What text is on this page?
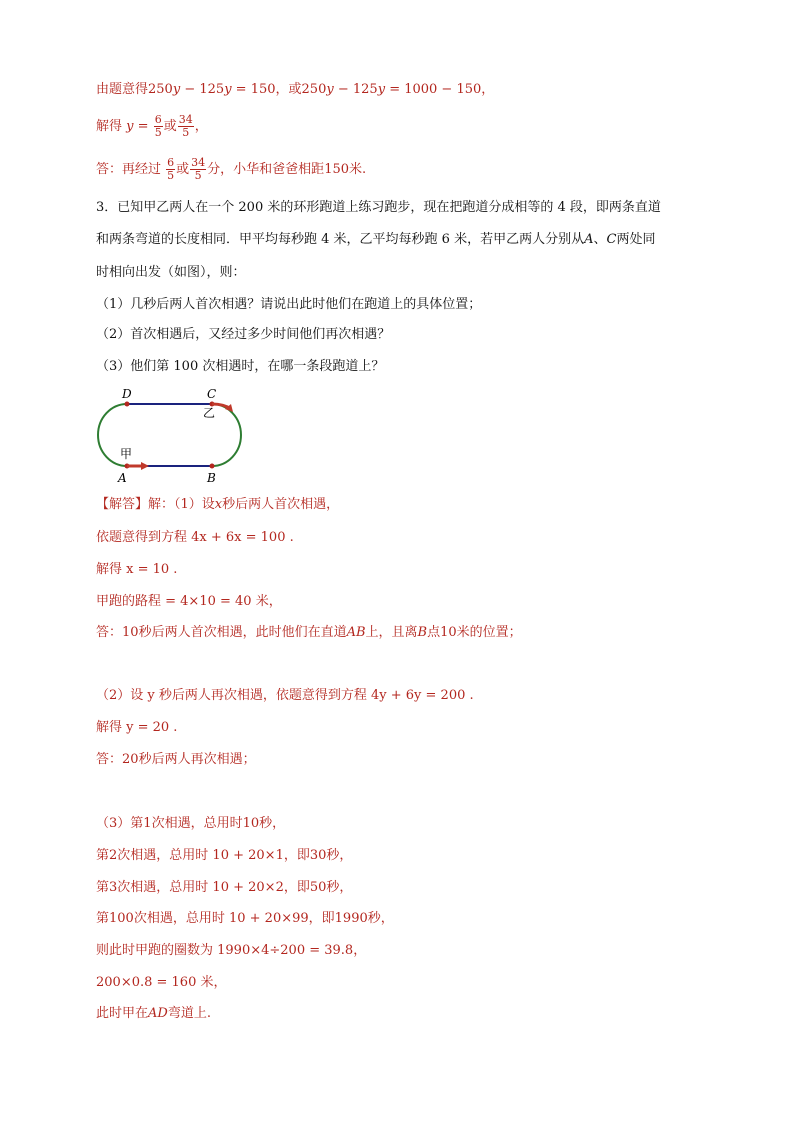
由题意得250y − 125y = 150，或250y − 125y = 1000 − 150，
解得 $y = \frac{6}{5}$ 或 $\frac{34}{5}$ ，
答：再经过 $\frac{6}{5}$ 或 $\frac{34}{5}$ 分，小华和爸爸相距150米.
3．已知甲乙两人在一个 200 米的环形跑道上练习跑步，现在把跑道分成相等的 4 段，即两条直道
和两条弯道的长度相同．甲平均每秒跑 4 米，乙平均每秒跑 6 米，若甲乙两人分别从A、C两处同
时相向出发（如图），则：
（1）几秒后两人首次相遇？请说出此时他们在跑道上的具体位置；
（2）首次相遇后，又经过多少时间他们再次相遇？
（3）他们第 100 次相遇时，在哪一条段跑道上？
D	C
乙
甲
A	B
【解答】解：（1）设x秒后两人首次相遇，
依题意得到方程 4x + 6x = 100 .
解得 x = 10 .
甲跑的路程 = 4×10 = 40 米，
答：10秒后两人首次相遇，此时他们在直道AB上，且离B点10米的位置；
（2）设 y 秒后两人再次相遇，依题意得到方程 4y + 6y = 200 .
解得 y = 20 .
答：20秒后两人再次相遇；
（3）第1次相遇，总用时10秒，
第2次相遇，总用时 10 + 20×1，即30秒，
第3次相遇，总用时 10 + 20×2，即50秒，
第100次相遇，总用时 10 + 20×99，即1990秒，
则此时甲跑的圈数为 1990×4÷200 = 39.8，
200×0.8 = 160 米，
此时甲在AD弯道上.
